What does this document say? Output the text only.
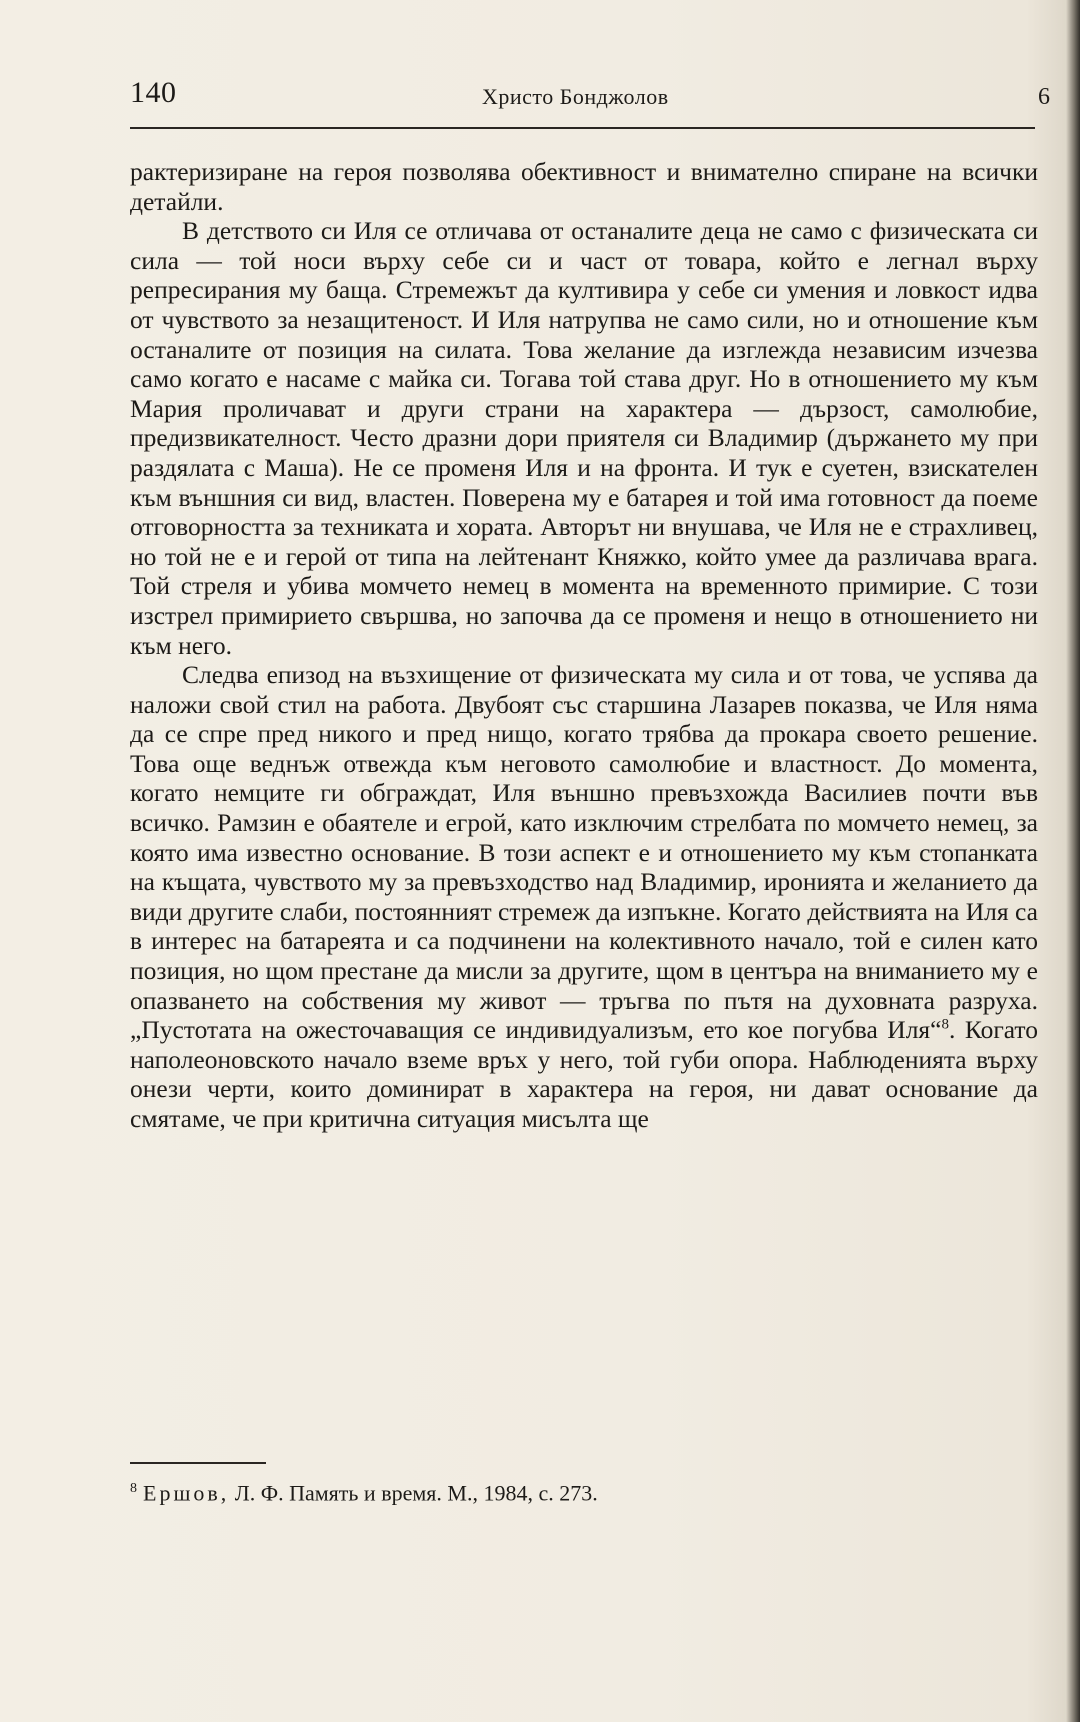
140	Христо Бонджолов	6

рактеризиране на героя позволява обективност и внимателно спиране на всички детайли.

В детството си Иля се отличава от останалите деца не само с физическата си сила — той носи върху себе си и част от товара, който е легнал върху репресирания му баща. Стремежът да култивира у себе си умения и ловкост идва от чувството за незащитеност. И Иля натрупва не само сили, но и отношение към останалите от позиция на силата. Това желание да изглежда независим изчезва само когато е насаме с майка си. Тогава той става друг. Но в отношението му към Мария проличават и други страни на характера — дързост, самолюбие, предизвикателност. Често дразни дори приятеля си Владимир (държането му при раздялата с Маша). Не се променя Иля и на фронта. И тук е суетен, взискателен към външния си вид, властен. Поверена му е батарея и той има готовност да поеме отговорността за техниката и хората. Авторът ни внушава, че Иля не е страхливец, но той не е и герой от типа на лейтенант Княжко, който умее да различава врага. Той стреля и убива момчето немец в момента на временното примирие. С този изстрел примирието свършва, но започва да се променя и нещо в отношението ни към него.

Следва епизод на възхищение от физическата му сила и от това, че успява да наложи свой стил на работа. Двубоят със старшина Лазарев показва, че Иля няма да се спре пред никого и пред нищо, когато трябва да прокара своето решение. Това още веднъж отвежда към неговото самолюбие и властност. До момента, когато немците ги обграждат, Иля външно превъзхожда Василиев почти във всичко. Рамзин е обаятеле и егрой, като изключим стрелбата по момчето немец, за която има известно основание. В този аспект е и отношението му към стопанката на къщата, чувството му за превъзходство над Владимир, иронията и желанието да види другите слаби, постоянният стремеж да изпъкне. Когато действията на Иля са в интерес на батареята и са подчинени на колективното начало, той е силен като позиция, но щом престане да мисли за другите, щом в центъра на вниманието му е опазването на собствения му живот — тръгва по пътя на духовната разруха. „Пустотата на ожесточаващия се индивидуализъм, ето кое погубва Иля“$^8$. Когато наполеоновското начало вземе връх у него, той губи опора. Наблюденията върху онези черти, които доминират в характера на героя, ни дават основание да смятаме, че при критична ситуация мисълта ще

$^8$ Ершов, Л. Ф. Память и время. М., 1984, с. 273.
